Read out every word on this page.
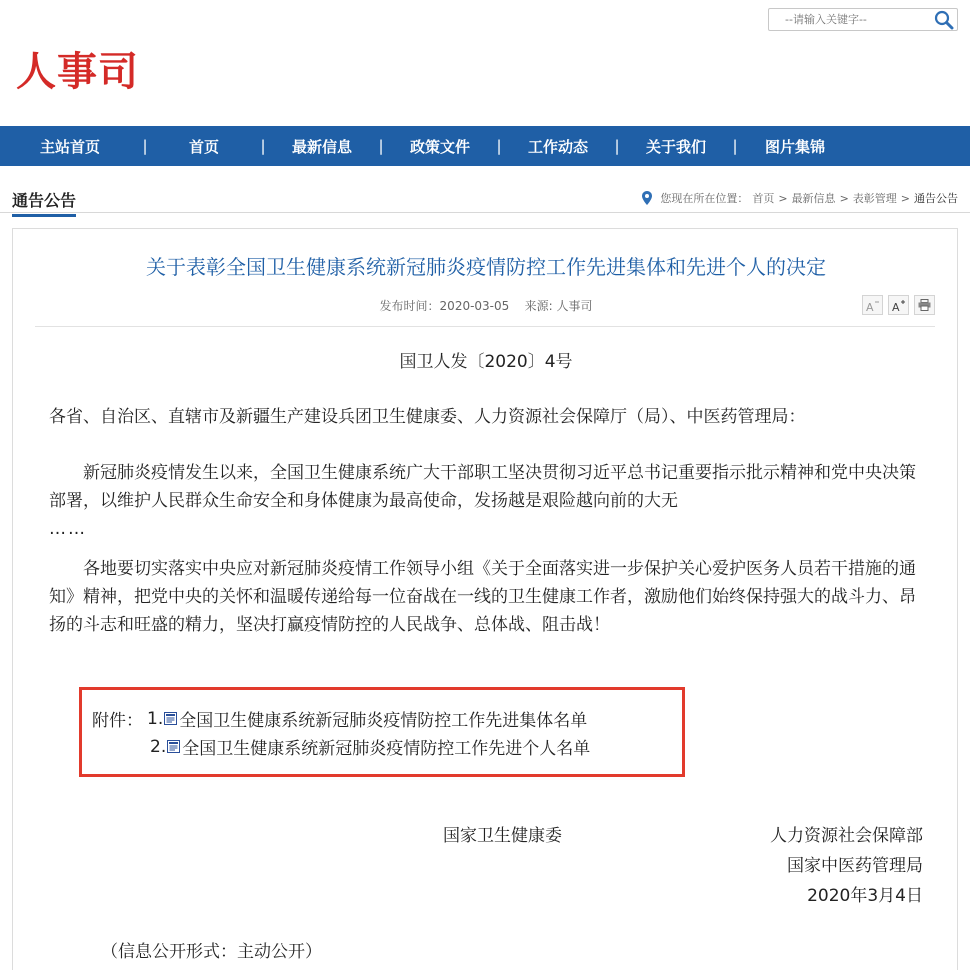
人事司
--请输入关键字--
主站首页	|	首页	|	最新信息	|	政策文件	|	工作动态	|	关于我们	|	图片集锦
通告公告	您现在所在位置： 首页 > 最新信息 > 表彰管理 > 通告公告
关于表彰全国卫生健康系统新冠肺炎疫情防控工作先进集体和先进个人的决定
发布时间：2020-03-05 来源: 人事司	A A
国卫人发〔2020〕4号
各省、自治区、直辖市及新疆生产建设兵团卫生健康委、人力资源社会保障厅（局）、中医药管理局：
新冠肺炎疫情发生以来，全国卫生健康系统广大干部职工坚决贯彻习近平总书记重要指示批示精神和党中央决策部署，以维护人民群众生命安全和身体健康为最高使命，发扬越是艰险越向前的大无
……
各地要切实落实中央应对新冠肺炎疫情工作领导小组《关于全面落实进一步保护关心爱护医务人员若干措施的通知》精神，把党中央的关怀和温暖传递给每一位奋战在一线的卫生健康工作者，激励他们始终保持强大的战斗力、昂扬的斗志和旺盛的精力，坚决打赢疫情防控的人民战争、总体战、阻击战！
附件： 1. 全国卫生健康系统新冠肺炎疫情防控工作先进集体名单
2. 全国卫生健康系统新冠肺炎疫情防控工作先进个人名单
国家卫生健康委	人力资源社会保障部
国家中医药管理局
2020年3月4日
（信息公开形式：主动公开）
